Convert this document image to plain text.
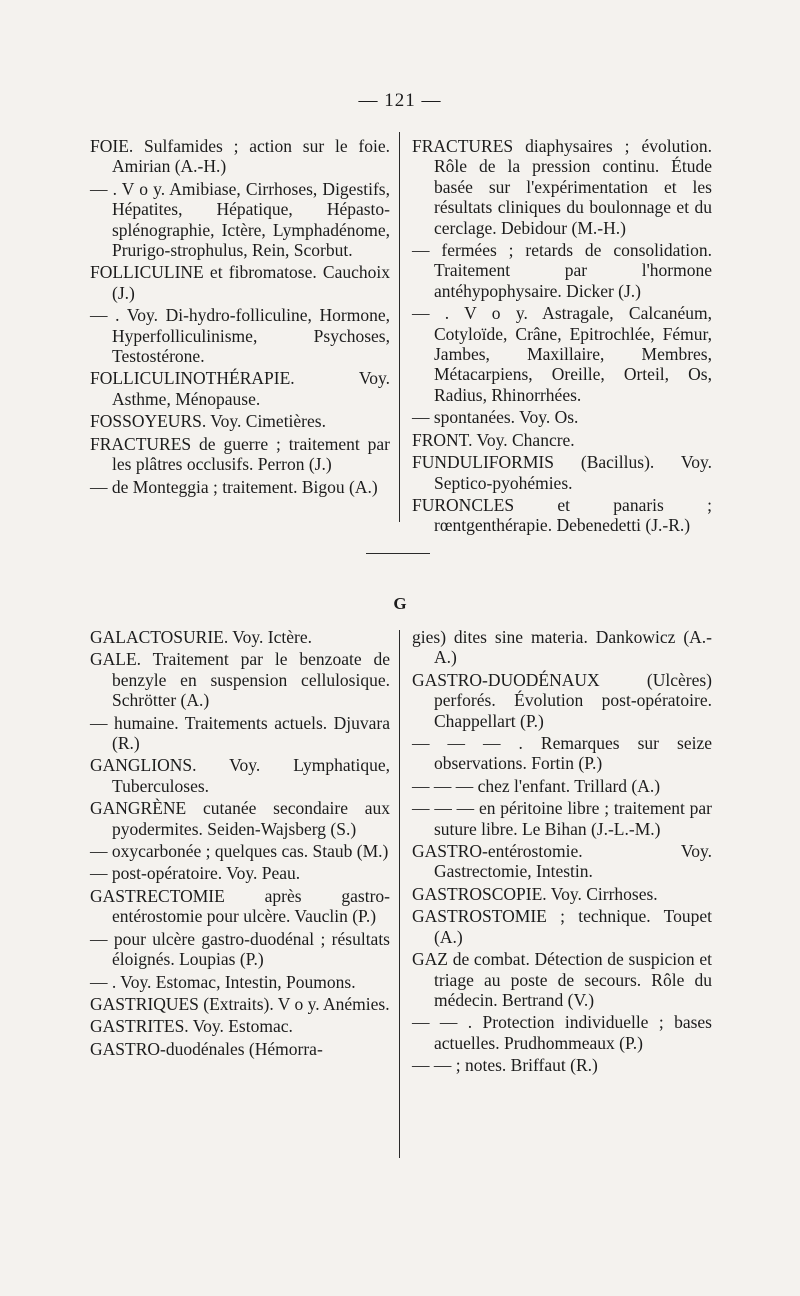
— 121 —
G

FOIE. Sulfamides ; action sur le foie. Amirian (A.-H.)

— . V o y. Amibiase, Cirrhoses, Digestifs, Hépatites, Hépatique, Hépasto-splénographie, Ictère, Lymphadénome, Prurigo-strophulus, Rein, Scorbut.

FOLLICULINE et fibromatose. Cauchoix (J.)

— . Voy. Di-hydro-folliculine, Hormone, Hyperfolliculinisme, Psychoses, Testostérone.

FOLLICULINOTHÉRAPIE. Voy. Asthme, Ménopause.

FOSSOYEURS. Voy. Cimetières.

FRACTURES de guerre ; traitement par les plâtres occlusifs. Perron (J.)

— de Monteggia ; traitement. Bigou (A.)

FRACTURES diaphysaires ; évolution. Rôle de la pression continu. Étude basée sur l'expérimentation et les résultats cliniques du boulonnage et du cerclage. Debidour (M.-H.)

— fermées ; retards de consolidation. Traitement par l'hormone antéhypophysaire. Dicker (J.)

— . V o y. Astragale, Calcanéum, Cotyloïde, Crâne, Epitrochlée, Fémur, Jambes, Maxillaire, Membres, Métacarpiens, Oreille, Orteil, Os, Radius, Rhinorrhées.

— spontanées. Voy. Os.

FRONT. Voy. Chancre.

FUNDULIFORMIS (Bacillus). Voy. Septico-pyohémies.

FURONCLES et panaris ; rœntgenthérapie. Debenedetti (J.-R.)

GALACTOSURIE. Voy. Ictère.

GALE. Traitement par le benzoate de benzyle en suspension cellulosique. Schrötter (A.)

— humaine. Traitements actuels. Djuvara (R.)

GANGLIONS. Voy. Lymphatique, Tuberculoses.

GANGRÈNE cutanée secondaire aux pyodermites. Seiden-Wajsberg (S.)

— oxycarbonée ; quelques cas. Staub (M.)

— post-opératoire. Voy. Peau.

GASTRECTOMIE après gastro-entérostomie pour ulcère. Vauclin (P.)

— pour ulcère gastro-duodénal ; résultats éloignés. Loupias (P.)

— . Voy. Estomac, Intestin, Poumons.

GASTRIQUES (Extraits). V o y. Anémies.

GASTRITES. Voy. Estomac.

GASTRO-duodénales (Hémorra-

gies) dites sine materia. Dankowicz (A.-A.)

GASTRO-DUODÉNAUX (Ulcères) perforés. Évolution post-opératoire. Chappellart (P.)

— — — . Remarques sur seize observations. Fortin (P.)

— — — chez l'enfant. Trillard (A.)

— — — en péritoine libre ; traitement par suture libre. Le Bihan (J.-L.-M.)

GASTRO-entérostomie. Voy. Gastrectomie, Intestin.

GASTROSCOPIE. Voy. Cirrhoses.

GASTROSTOMIE ; technique. Toupet (A.)

GAZ de combat. Détection de suspicion et triage au poste de secours. Rôle du médecin. Bertrand (V.)

— — . Protection individuelle ; bases actuelles. Prudhommeaux (P.)

— — ; notes. Briffaut (R.)
